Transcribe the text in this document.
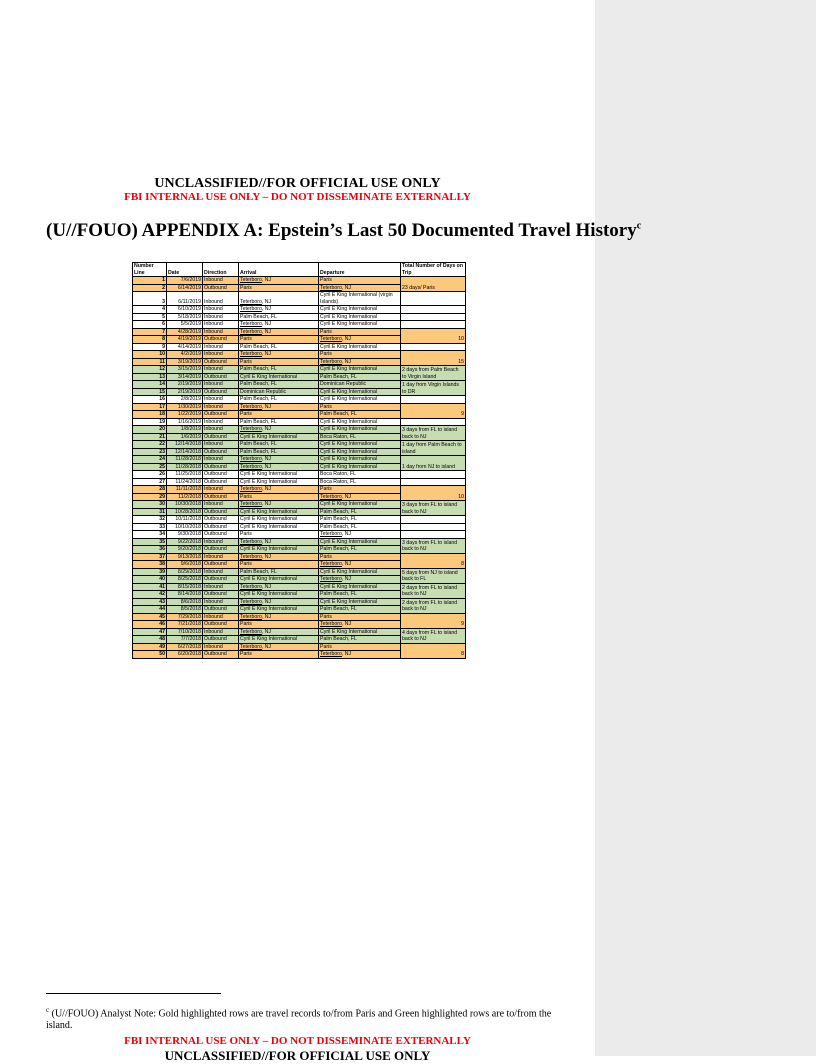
UNCLASSIFIED//FOR OFFICIAL USE ONLY
FBI INTERNAL USE ONLY – DO NOT DISSEMINATE EXTERNALLY
(U//FOUO) APPENDIX A: Epstein’s Last 50 Documented Travel History$^c$
Number Line	Date	Direction	Arrival	Departure	Total Number of Days on Trip
1	7/6/2019	Inbound	Teterboro, NJ	Paris	23 days/ Paris
2	6/14/2019	Outbound	Paris	Teterboro, NJ	
3	6/11/2019	Inbound	Teterboro, NJ	Cyril E King International (virgin Islands)	
4	6/10/2019	Inbound	Teterboro, NJ	Cyril E King International	
5	5/18/2019	Inbound	Palm Beach, FL	Cyril E King International	
6	5/5/2019	Inbound	Teterboro, NJ	Cyril E King International	
7	4/28/2019	Inbound	Teterboro, NJ	Paris	10
8	4/19/2019	Outbound	Paris	Teterboro, NJ	
9	4/14/2019	Inbound	Palm Beach, FL	Cyril E King International	
10	4/2/2019	Inbound	Teterboro, NJ	Paris	15
11	3/19/2019	Outbound	Paris	Teterboro, NJ	
12	3/15/2019	Inbound	Palm Beach, FL	Cyril E King International	2 days from Palm Beach to Virgin Island
13	3/14/2019	Outbound	Cyril E King International	Palm Beach, FL	
14	2/19/2019	Inbound	Palm Beach, FL	Dominican Republic	1 day from Virgin Islands to DR
15	2/19/2019	Outbound	Dominican Republic	Cyril E King International	
16	2/8/2019	Inbound	Palm Beach, FL	Cyril E King International	
17	1/30/2019	Inbound	Teterboro, NJ	Paris	9
18	1/22/2019	Outbound	Paris	Palm Beach, FL	
19	1/16/2019	Inbound	Palm Beach, FL	Cyril E King International	
20	1/8/2019	Inbound	Teterboro, NJ	Cyril E King International	3 days from FL to island back to NJ
21	1/6/2019	Outbound	Cyril E King International	Boca Raton, FL	
22	12/14/2018	Inbound	Palm Beach, FL	Cyril E King International	1 day from Palm Beach to island
23	12/14/2018	Outbound	Palm Beach, FL	Cyril E King International	
24	11/28/2018	Inbound	Teterboro, NJ	Cyril E King International	1 day from NJ to island
25	11/28/2018	Outbound	Teterboro, NJ	Cyril E King International	
26	11/25/2018	Outbound	Cyril E King International	Boca Raton, FL	
27	11/24/2018	Outbound	Cyril E King International	Boca Raton, FL	
28	11/11/2018	Inbound	Teterboro, NJ	Paris	10
29	11/2/2018	Outbound	Paris	Teterboro, NJ	
30	10/30/2018	Inbound	Teterboro, NJ	Cyril E King International	3 days from FL to island back to NJ
31	10/28/2018	Outbound	Cyril E King International	Palm Beach, FL	
32	10/11/2018	Outbound	Cyril E King International	Palm Beach, FL	
33	10/10/2018	Outbound	Cyril E King International	Palm Beach, FL	
34	9/30/2018	Outbound	Paris	Teterboro, NJ	
35	9/22/2018	Inbound	Teterboro, NJ	Cyril E King International	3 days from FL to island back to NJ
36	9/20/2018	Outbound	Cyril E King International	Palm Beach, FL	
37	9/13/2018	Inbound	Teterboro, NJ	Paris	8
38	9/6/2018	Outbound	Paris	Teterboro, NJ	
39	8/29/2018	Inbound	Palm Beach, FL	Cyril E King International	5 days from NJ to island back to FL
40	8/25/2018	Outbound	Cyril E King International	Teterboro, NJ	
41	8/15/2018	Inbound	Teterboro, NJ	Cyril E King International	2 days from FL to island back to NJ
42	8/14/2018	Outbound	Cyril E King International	Palm Beach, FL	
43	8/6/2018	Inbound	Teterboro, NJ	Cyril E King International	2 days from FL to island back to NJ
44	8/5/2018	Outbound	Cyril E King International	Palm Beach, FL	
45	7/29/2018	Inbound	Teterboro, NJ	Paris	9
46	7/21/2018	Outbound	Paris	Teterboro, NJ	
47	7/10/2018	Inbound	Teterboro, NJ	Cyril E King International	4 days from FL to island back to NJ
48	7/7/2018	Outbound	Cyril E King International	Palm Beach, FL	
49	6/27/2018	Inbound	Teterboro, NJ	Paris	8
50	6/20/2018	Outbound	Paris	Teterboro, NJ	
$^c$ (U//FOUO) Analyst Note: Gold highlighted rows are travel records to/from Paris and Green highlighted rows are to/from the island.
FBI INTERNAL USE ONLY – DO NOT DISSEMINATE EXTERNALLY
UNCLASSIFIED//FOR OFFICIAL USE ONLY
